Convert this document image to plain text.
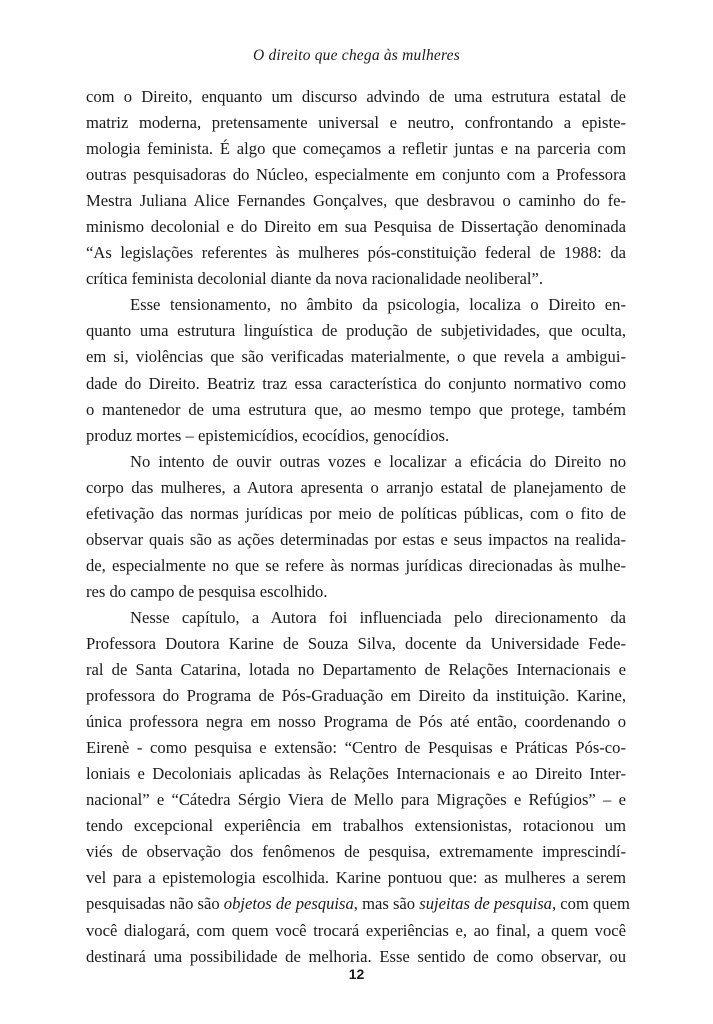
O direito que chega às mulheres
com o Direito, enquanto um discurso advindo de uma estrutura estatal de
matriz moderna, pretensamente universal e neutro, confrontando a episte-
mologia feminista. É algo que começamos a refletir juntas e na parceria com
outras pesquisadoras do Núcleo, especialmente em conjunto com a Professora
Mestra Juliana Alice Fernandes Gonçalves, que desbravou o caminho do fe-
minismo decolonial e do Direito em sua Pesquisa de Dissertação denominada
“As legislações referentes às mulheres pós-constituição federal de 1988: da
crítica feminista decolonial diante da nova racionalidade neoliberal”.
Esse tensionamento, no âmbito da psicologia, localiza o Direito en-
quanto uma estrutura linguística de produção de subjetividades, que oculta,
em si, violências que são verificadas materialmente, o que revela a ambigui-
dade do Direito. Beatriz traz essa característica do conjunto normativo como
o mantenedor de uma estrutura que, ao mesmo tempo que protege, também
produz mortes – epistemicídios, ecocídios, genocídios.
No intento de ouvir outras vozes e localizar a eficácia do Direito no
corpo das mulheres, a Autora apresenta o arranjo estatal de planejamento de
efetivação das normas jurídicas por meio de políticas públicas, com o fito de
observar quais são as ações determinadas por estas e seus impactos na realida-
de, especialmente no que se refere às normas jurídicas direcionadas às mulhe-
res do campo de pesquisa escolhido.
Nesse capítulo, a Autora foi influenciada pelo direcionamento da
Professora Doutora Karine de Souza Silva, docente da Universidade Fede-
ral de Santa Catarina, lotada no Departamento de Relações Internacionais e
professora do Programa de Pós-Graduação em Direito da instituição. Karine,
única professora negra em nosso Programa de Pós até então, coordenando o
Eirenè - como pesquisa e extensão: “Centro de Pesquisas e Práticas Pós-co-
loniais e Decoloniais aplicadas às Relações Internacionais e ao Direito Inter-
nacional” e “Cátedra Sérgio Viera de Mello para Migrações e Refúgios” – e
tendo excepcional experiência em trabalhos extensionistas, rotacionou um
viés de observação dos fenômenos de pesquisa, extremamente imprescindí-
vel para a epistemologia escolhida. Karine pontuou que: as mulheres a serem
pesquisadas não são objetos de pesquisa, mas são sujeitas de pesquisa, com quem
você dialogará, com quem você trocará experiências e, ao final, a quem você
destinará uma possibilidade de melhoria. Esse sentido de como observar, ou
12
